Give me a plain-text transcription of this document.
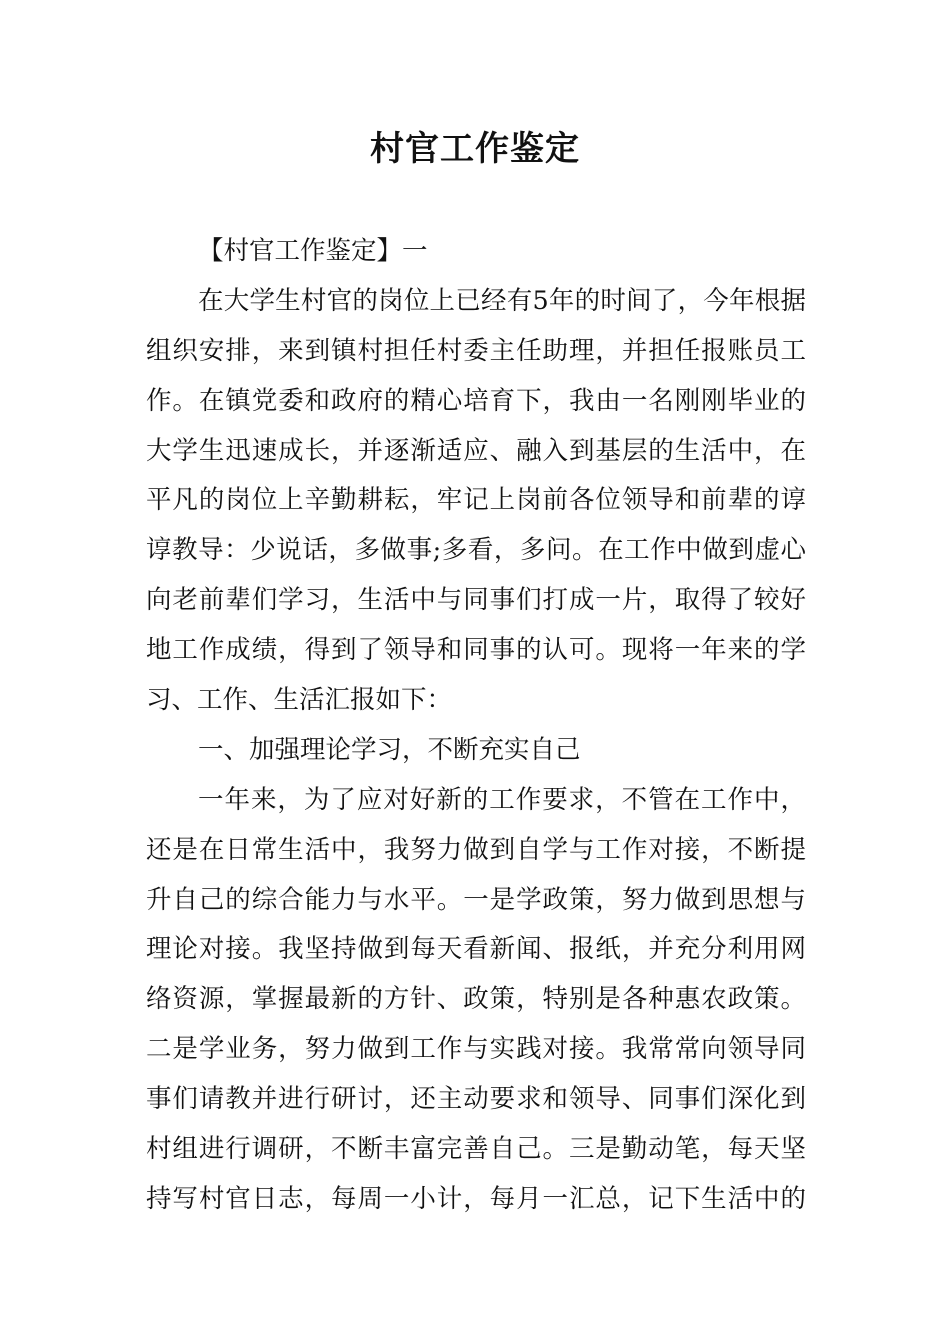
村官工作鉴定
【村官工作鉴定】一
在大学生村官的岗位上已经有5年的时间了，今年根据
组织安排，来到镇村担任村委主任助理，并担任报账员工
作。在镇党委和政府的精心培育下，我由一名刚刚毕业的
大学生迅速成长，并逐渐适应、融入到基层的生活中，在
平凡的岗位上辛勤耕耘，牢记上岗前各位领导和前辈的谆
谆教导：少说话，多做事;多看，多问。在工作中做到虚心
向老前辈们学习，生活中与同事们打成一片，取得了较好
地工作成绩，得到了领导和同事的认可。现将一年来的学
习、工作、生活汇报如下：
一、加强理论学习，不断充实自己
一年来，为了应对好新的工作要求，不管在工作中，
还是在日常生活中，我努力做到自学与工作对接，不断提
升自己的综合能力与水平。一是学政策，努力做到思想与
理论对接。我坚持做到每天看新闻、报纸，并充分利用网
络资源，掌握最新的方针、政策，特别是各种惠农政策。
二是学业务，努力做到工作与实践对接。我常常向领导同
事们请教并进行研讨，还主动要求和领导、同事们深化到
村组进行调研，不断丰富完善自己。三是勤动笔，每天坚
持写村官日志，每周一小计，每月一汇总，记下生活中的
